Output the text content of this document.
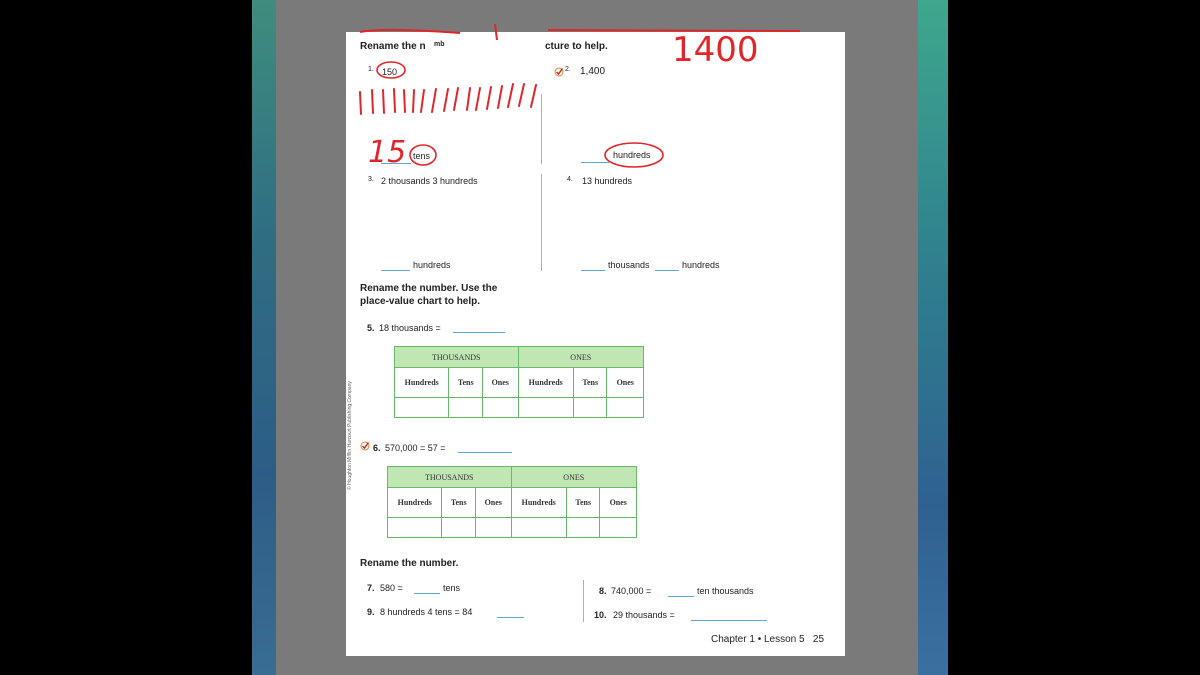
Rename the n mb	cture to help.
1. 150
tens
2. 1,400
hundreds
3. 2 thousands 3 hundreds
hundreds
4. 13 hundreds
thousands	hundreds
Rename the number. Use the
place-value chart to help.
5. 18 thousands =
THOUSANDS			ONES		
Hundreds	Tens	Ones	Hundreds	Tens	Ones

6. 570,000 = 57 =
THOUSANDS			ONES		
Hundreds	Tens	Ones	Hundreds	Tens	Ones

Rename the number.
7. 580 =	tens	8. 740,000 =	ten thousands
9. 8 hundreds 4 tens = 84	10. 29 thousands =
Chapter 1 • Lesson 5   25
© Houghton Mifflin Harcourt Publishing Company
15
1400
